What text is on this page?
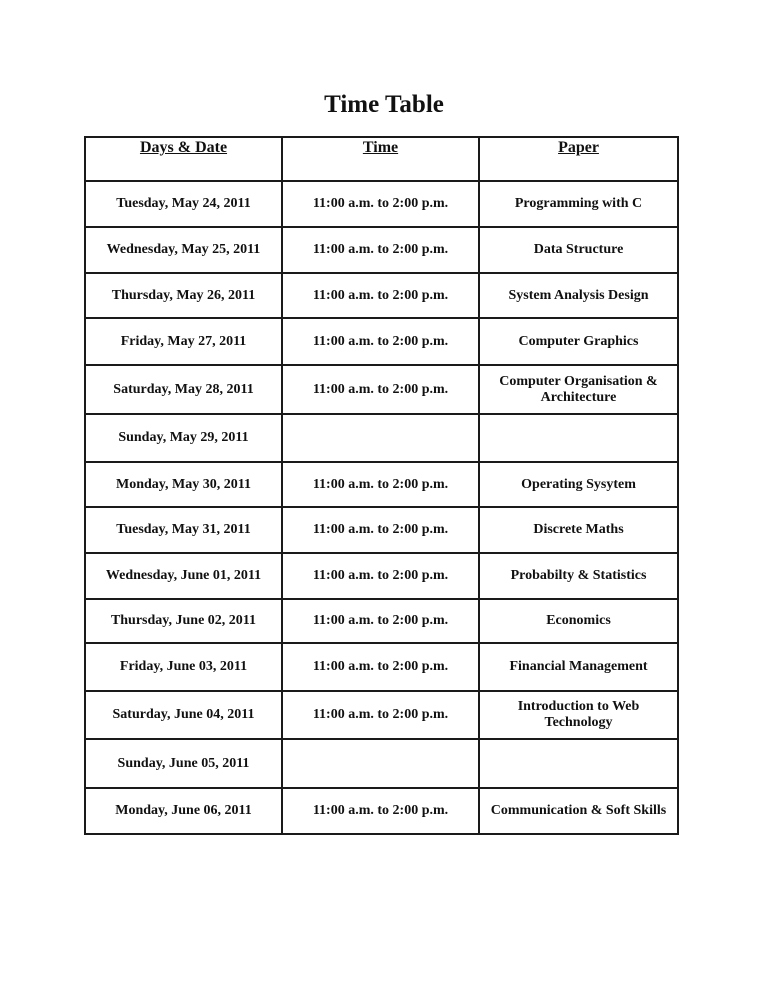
Time Table
Days & Date	Time	Paper
Tuesday, May 24, 2011	11:00 a.m. to 2:00 p.m.	Programming with C
Wednesday, May 25, 2011	11:00 a.m. to 2:00 p.m.	Data Structure
Thursday, May 26, 2011	11:00 a.m. to 2:00 p.m.	System Analysis Design
Friday, May 27, 2011	11:00 a.m. to 2:00 p.m.	Computer Graphics
Saturday, May 28, 2011	11:00 a.m. to 2:00 p.m.	Computer Organisation & Architecture
Sunday, May 29, 2011		
Monday, May 30, 2011	11:00 a.m. to 2:00 p.m.	Operating Sysytem
Tuesday, May 31, 2011	11:00 a.m. to 2:00 p.m.	Discrete Maths
Wednesday, June 01, 2011	11:00 a.m. to 2:00 p.m.	Probabilty & Statistics
Thursday, June 02, 2011	11:00 a.m. to 2:00 p.m.	Economics
Friday, June 03, 2011	11:00 a.m. to 2:00 p.m.	Financial Management
Saturday, June 04, 2011	11:00 a.m. to 2:00 p.m.	Introduction to Web Technology
Sunday, June 05, 2011		
Monday, June 06, 2011	11:00 a.m. to 2:00 p.m.	Communication & Soft Skills
